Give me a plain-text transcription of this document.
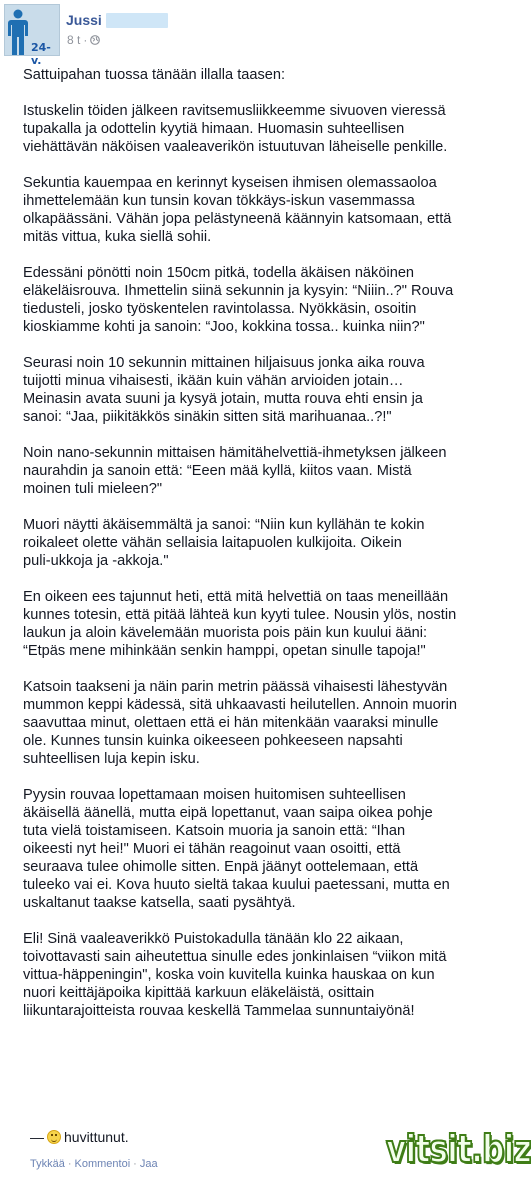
24-v.
Jussi
8 t ·

Sattuipahan tuossa tänään illalla taasen:

Istuskelin töiden jälkeen ravitsemusliikkeemme sivuoven vieressä
tupakalla ja odottelin kyytiä himaan. Huomasin suhteellisen
viehättävän näköisen vaaleaverikön istuutuvan läheiselle penkille.

Sekuntia kauempaa en kerinnyt kyseisen ihmisen olemassaoloa
ihmettelemään kun tunsin kovan tökkäys-iskun vasemmassa
olkapäässäni. Vähän jopa pelästyneenä käännyin katsomaan, että
mitäs vittua, kuka siellä sohii.

Edessäni pönötti noin 150cm pitkä, todella äkäisen näköinen
eläkeläisrouva. Ihmettelin siinä sekunnin ja kysyin: “Niiin..?" Rouva
tiedusteli, josko työskentelen ravintolassa. Nyökkäsin, osoitin
kioskiamme kohti ja sanoin: “Joo, kokkina tossa.. kuinka niin?"

Seurasi noin 10 sekunnin mittainen hiljaisuus jonka aika rouva
tuijotti minua vihaisesti, ikään kuin vähän arvioiden jotain…
Meinasin avata suuni ja kysyä jotain, mutta rouva ehti ensin ja
sanoi: “Jaa, piikitäkkös sinäkin sitten sitä marihuanaa..?!"

Noin nano-sekunnin mittaisen hämitähelvettiä-ihmetyksen jälkeen
naurahdin ja sanoin että: “Eeen mää kyllä, kiitos vaan. Mistä
moinen tuli mieleen?"

Muori näytti äkäisemmältä ja sanoi: “Niin kun kyllähän te kokin
roikaleet olette vähän sellaisia laitapuolen kulkijoita. Oikein
puli-ukkoja ja -akkoja."

En oikeen ees tajunnut heti, että mitä helvettiä on taas meneillään
kunnes totesin, että pitää lähteä kun kyyti tulee. Nousin ylös, nostin
laukun ja aloin kävelemään muorista pois päin kun kuului ääni:
“Etpäs mene mihinkään senkin hamppi, opetan sinulle tapoja!"

Katsoin taakseni ja näin parin metrin päässä vihaisesti lähestyvän
mummon keppi kädessä, sitä uhkaavasti heilutellen. Annoin muorin
saavuttaa minut, olettaen että ei hän mitenkään vaaraksi minulle
ole. Kunnes tunsin kuinka oikeeseen pohkeeseen napsahti
suhteellisen luja kepin isku.

Pyysin rouvaa lopettamaan moisen huitomisen suhteellisen
äkäisellä äänellä, mutta eipä lopettanut, vaan saipa oikea pohje
tuta vielä toistamiseen. Katsoin muoria ja sanoin että: “Ihan
oikeesti nyt hei!" Muori ei tähän reagoinut vaan osoitti, että
seuraava tulee ohimolle sitten. Enpä jäänyt oottelemaan, että
tuleeko vai ei. Kova huuto sieltä takaa kuului paetessani, mutta en
uskaltanut taakse katsella, saati pysähtyä.

Eli! Sinä vaaleaverikkö Puistokadulla tänään klo 22 aikaan,
toivottavasti sain aiheutettua sinulle edes jonkinlaisen “viikon mitä
vittua-häppeningin", koska voin kuvitella kuinka hauskaa on kun
nuori keittäjäpoika kipittää karkuun eläkeläistä, osittain
liikuntarajoitteista rouvaa keskellä Tammelaa sunnuntaiyönä!

— huvittunut.
Tykkää · Kommentoi · Jaa	vitsit.biz
